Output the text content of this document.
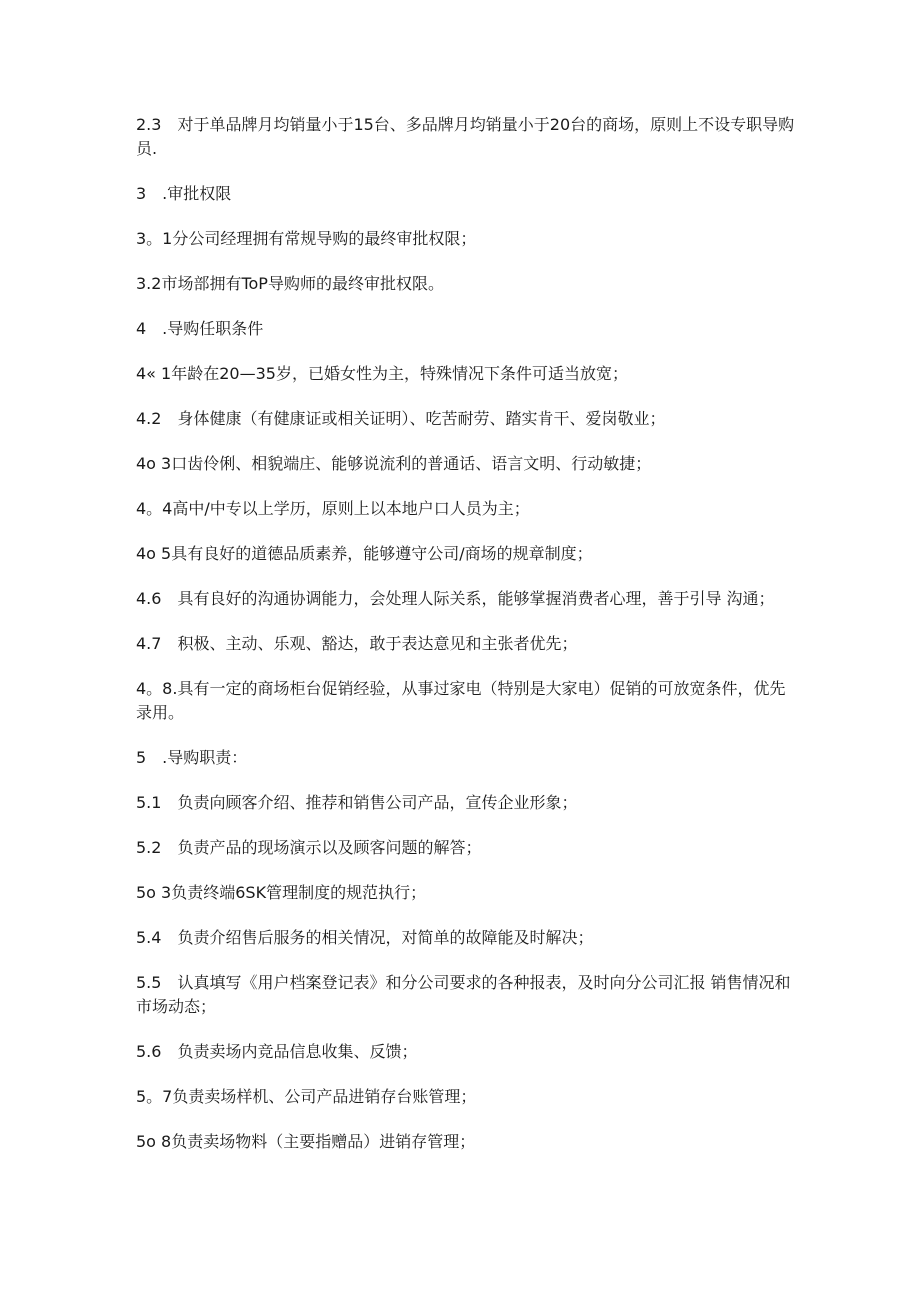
2.3　对于单品牌月均销量小于15台、多品牌月均销量小于20台的商场，原则上不设专职导购员.

3　.审批权限

3。1分公司经理拥有常规导购的最终审批权限；

3.2市场部拥有ToP导购师的最终审批权限。

4　.导购任职条件

4« 1年龄在20—35岁，已婚女性为主，特殊情况下条件可适当放宽；

4.2　身体健康（有健康证或相关证明）、吃苦耐劳、踏实肯干、爱岗敬业；

4o 3口齿伶俐、相貌端庄、能够说流利的普通话、语言文明、行动敏捷；

4。4高中/中专以上学历，原则上以本地户口人员为主；

4o 5具有良好的道德品质素养，能够遵守公司/商场的规章制度；

4.6　具有良好的沟通协调能力，会处理人际关系，能够掌握消费者心理，善于引导 沟通；

4.7　积极、主动、乐观、豁达，敢于表达意见和主张者优先；

4。8.具有一定的商场柜台促销经验，从事过家电（特别是大家电）促销的可放宽条件，优先录用。

5　.导购职责：

5.1　负责向顾客介绍、推荐和销售公司产品，宣传企业形象；

5.2　负责产品的现场演示以及顾客问题的解答；

5o 3负责终端6SK管理制度的规范执行；

5.4　负责介绍售后服务的相关情况，对简单的故障能及时解决；

5.5　认真填写《用户档案登记表》和分公司要求的各种报表，及时向分公司汇报 销售情况和市场动态；

5.6　负责卖场内竞品信息收集、反馈；

5。7负责卖场样机、公司产品进销存台账管理；

5o 8负责卖场物料（主要指赠品）进销存管理；
